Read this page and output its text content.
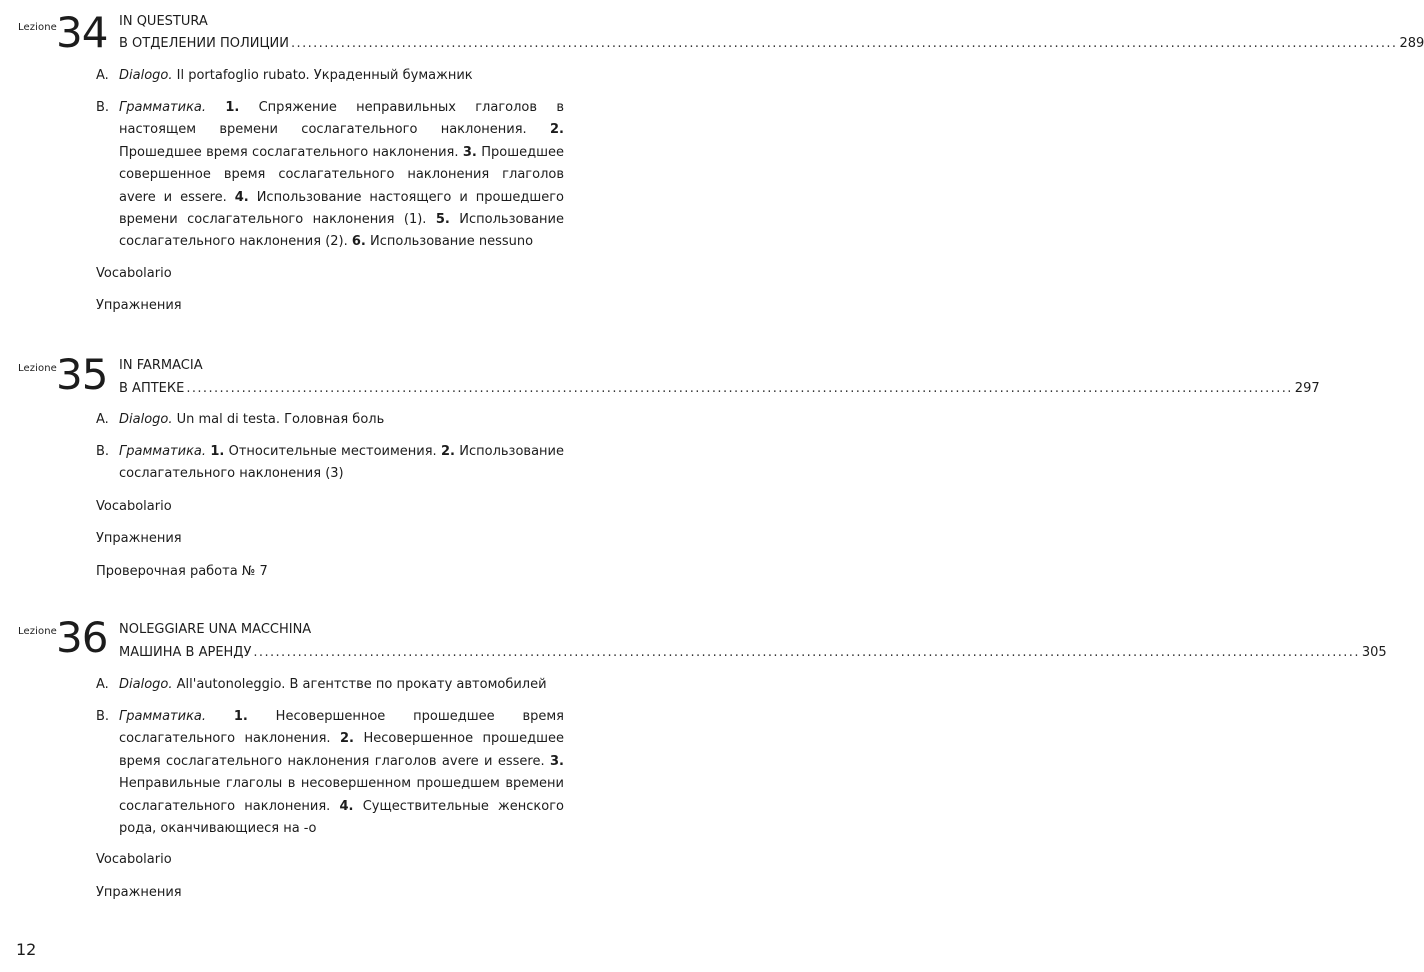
Lezione 34 IN QUESTURA
В ОТДЕЛЕНИИ ПОЛИЦИИ ........................................................................................................................................................................................................ 289
A. Dialogo. Il portafoglio rubato. Украденный бумажник
B. Грамматика. 1. Спряжение неправильных глаголов в настоящем времени сослагательного наклонения. 2. Прошедшее время сослагательного наклонения. 3. Прошедшее совершенное время сослагательного наклонения глаголов avere и essere. 4. Использование настоящего и прошедшего времени сослагательного наклонения (1). 5. Использование сослагательного наклонения (2). 6. Использование nessuno
Vocabolario
Упражнения
Lezione 35 IN FARMACIA
В АПТЕКЕ ........................................................................................................................................................................................................ 297
A. Dialogo. Un mal di testa. Головная боль
B. Грамматика. 1. Относительные местоимения. 2. Использование сослагательного наклонения (3)
Vocabolario
Упражнения
Проверочная работа № 7
Lezione 36 NOLEGGIARE UNA MACCHINA
МАШИНА В АРЕНДУ ........................................................................................................................................................................................................ 305
A. Dialogo. All'autonoleggio. В агентстве по прокату автомобилей
B. Грамматика. 1. Несовершенное прошедшее время сослагательного наклонения. 2. Несовершенное прошедшее время сослагательного наклонения глаголов avere и essere. 3. Неправильные глаголы в несовершенном прошедшем времени сослагательного наклонения. 4. Существительные женского рода, оканчивающиеся на -o
Vocabolario
Упражнения
12
